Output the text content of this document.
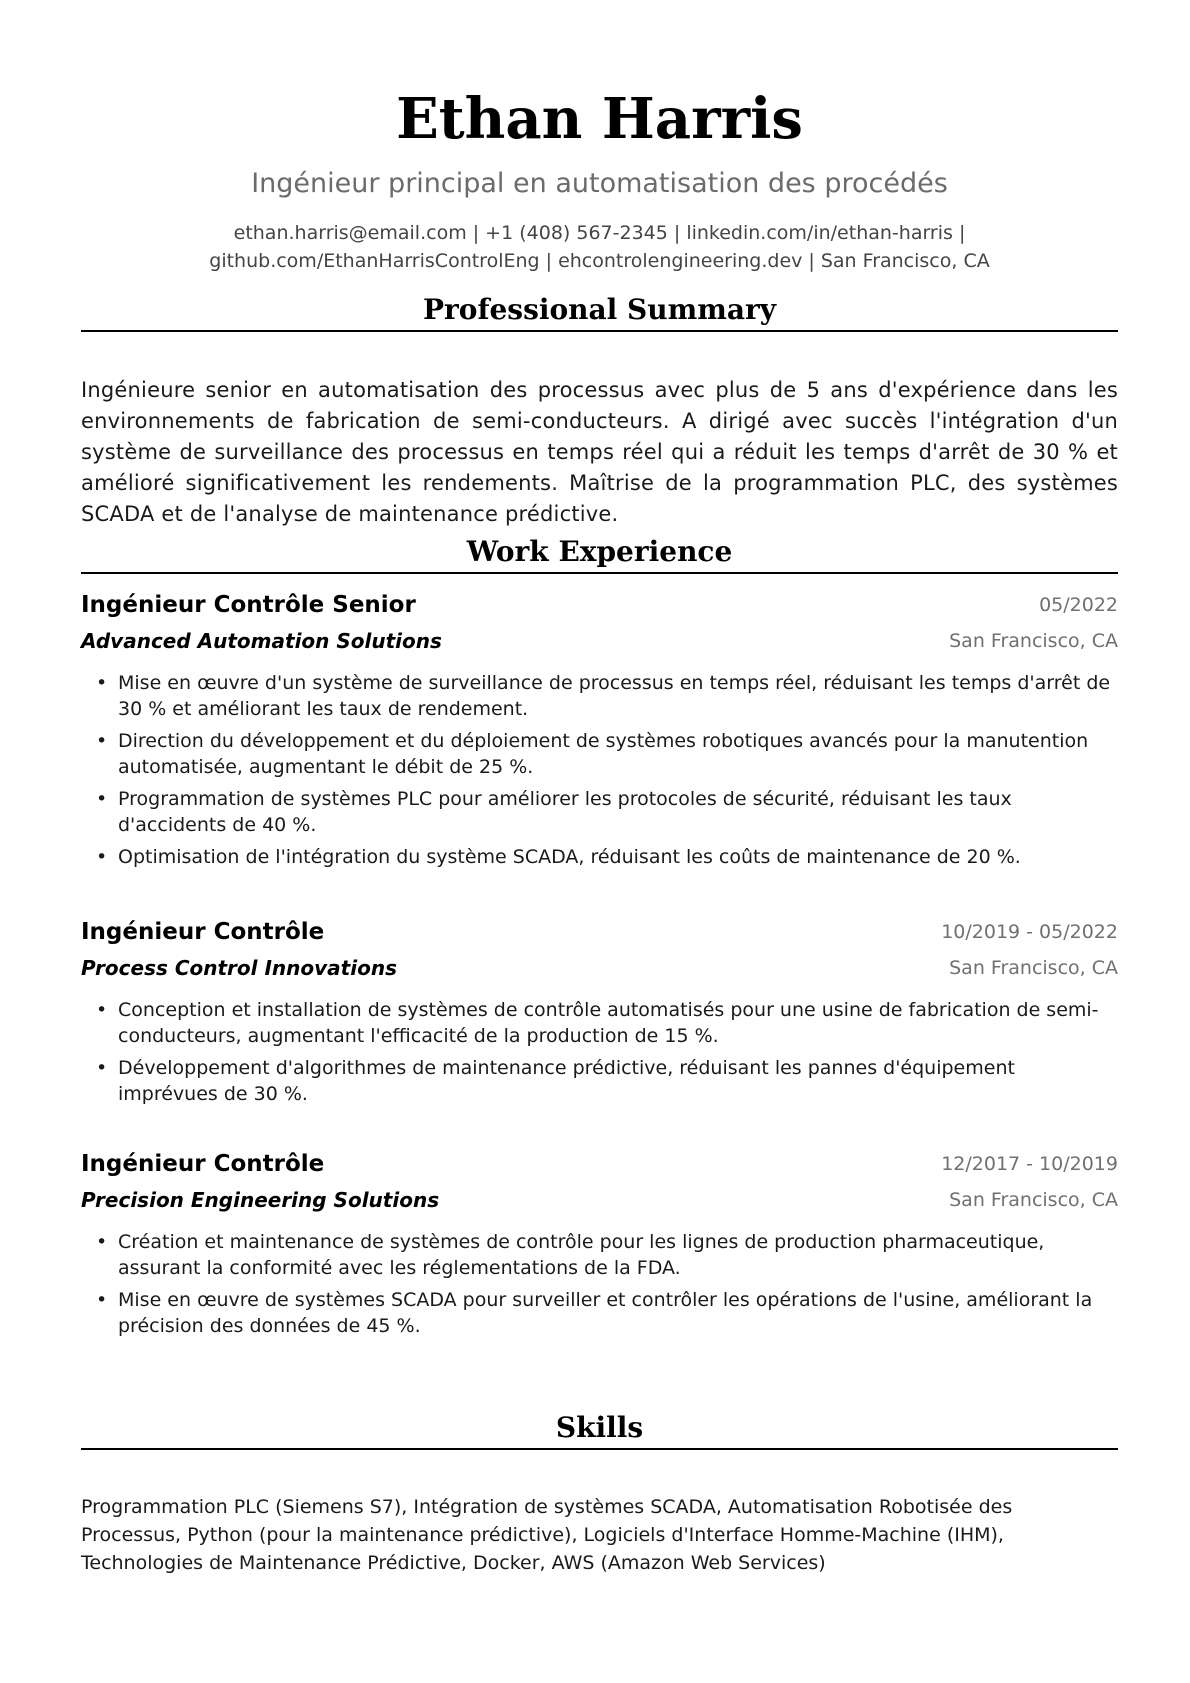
Ethan Harris
Ingénieur principal en automatisation des procédés
ethan.harris@email.com | +1 (408) 567-2345 | linkedin.com/in/ethan-harris |
github.com/EthanHarrisControlEng | ehcontrolengineering.dev | San Francisco, CA
Professional Summary
Ingénieure senior en automatisation des processus avec plus de 5 ans d'expérience dans les environnements de fabrication de semi-conducteurs. A dirigé avec succès l'intégration d'un système de surveillance des processus en temps réel qui a réduit les temps d'arrêt de 30 % et amélioré significativement les rendements. Maîtrise de la programmation PLC, des systèmes SCADA et de l'analyse de maintenance prédictive.
Work Experience
Ingénieur Contrôle Senior	05/2022
Advanced Automation Solutions	San Francisco, CA
• Mise en œuvre d'un système de surveillance de processus en temps réel, réduisant les temps d'arrêt de 30 % et améliorant les taux de rendement.
• Direction du développement et du déploiement de systèmes robotiques avancés pour la manutention automatisée, augmentant le débit de 25 %.
• Programmation de systèmes PLC pour améliorer les protocoles de sécurité, réduisant les taux d'accidents de 40 %.
• Optimisation de l'intégration du système SCADA, réduisant les coûts de maintenance de 20 %.
Ingénieur Contrôle	10/2019 - 05/2022
Process Control Innovations	San Francisco, CA
• Conception et installation de systèmes de contrôle automatisés pour une usine de fabrication de semi-conducteurs, augmentant l'efficacité de la production de 15 %.
• Développement d'algorithmes de maintenance prédictive, réduisant les pannes d'équipement imprévues de 30 %.
Ingénieur Contrôle	12/2017 - 10/2019
Precision Engineering Solutions	San Francisco, CA
• Création et maintenance de systèmes de contrôle pour les lignes de production pharmaceutique, assurant la conformité avec les réglementations de la FDA.
• Mise en œuvre de systèmes SCADA pour surveiller et contrôler les opérations de l'usine, améliorant la précision des données de 45 %.
Skills
Programmation PLC (Siemens S7), Intégration de systèmes SCADA, Automatisation Robotisée des Processus, Python (pour la maintenance prédictive), Logiciels d'Interface Homme-Machine (IHM), Technologies de Maintenance Prédictive, Docker, AWS (Amazon Web Services)
